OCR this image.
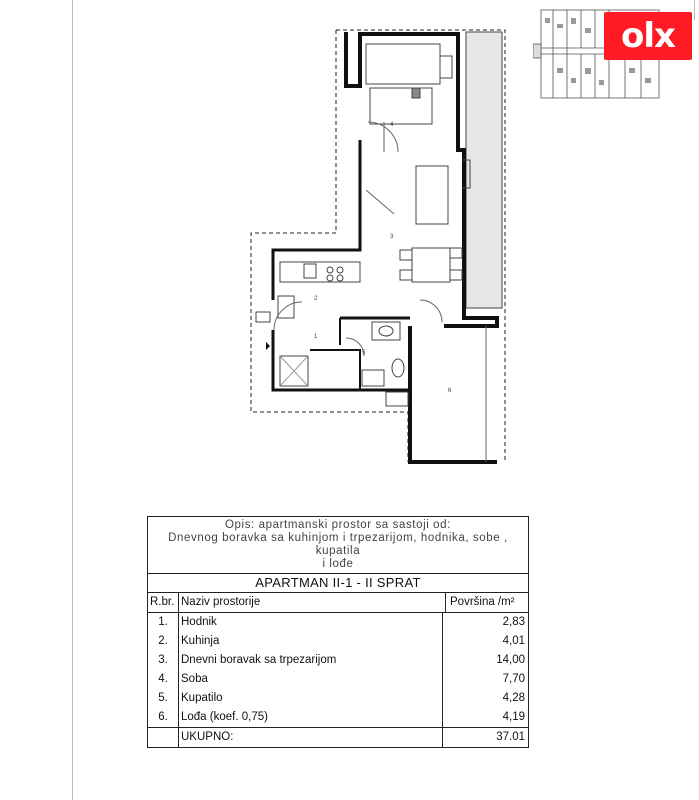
4
3
2
1
5
6
olx
Opis: apartmanski prostor sa sastoji od:
Dnevnog boravka sa kuhinjom i trpezarijom, hodnika, sobe , kupatila
i lođe
APARTMAN II-1 - II SPRAT
R.br. Naziv prostorije	Površina /m²
1.	Hodnik	2,83
2.	Kuhinja	4,01
3.	Dnevni boravak sa trpezarijom	14,00
4.	Soba	7,70
5.	Kupatilo	4,28
6.	Lođa (koef. 0,75)	4,19
UKUPNO:	37.01
